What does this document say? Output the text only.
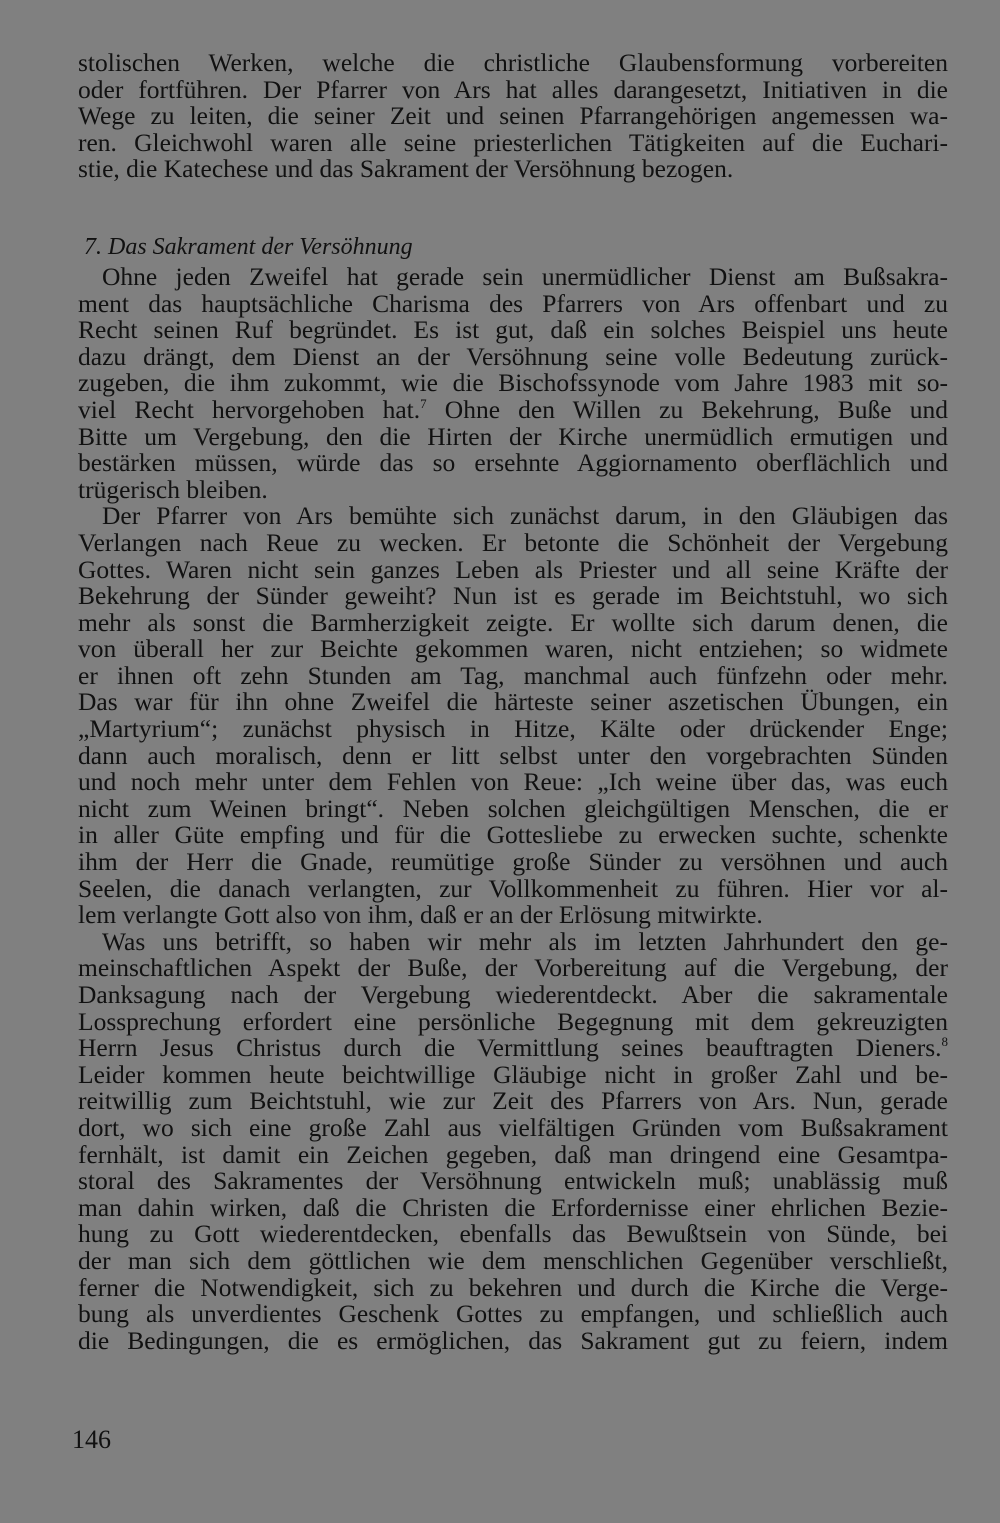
stolischen Werken, welche die christliche Glaubensformung vorbereiten
oder fortführen. Der Pfarrer von Ars hat alles darangesetzt, Initiativen in die
Wege zu leiten, die seiner Zeit und seinen Pfarrangehörigen angemessen wa-
ren. Gleichwohl waren alle seine priesterlichen Tätigkeiten auf die Euchari-
stie, die Katechese und das Sakrament der Versöhnung bezogen.
7. Das Sakrament der Versöhnung
Ohne jeden Zweifel hat gerade sein unermüdlicher Dienst am Bußsakra-
ment das hauptsächliche Charisma des Pfarrers von Ars offenbart und zu
Recht seinen Ruf begründet. Es ist gut, daß ein solches Beispiel uns heute
dazu drängt, dem Dienst an der Versöhnung seine volle Bedeutung zurück-
zugeben, die ihm zukommt, wie die Bischofssynode vom Jahre 1983 mit so-
viel Recht hervorgehoben hat.$^7$ Ohne den Willen zu Bekehrung, Buße und
Bitte um Vergebung, den die Hirten der Kirche unermüdlich ermutigen und
bestärken müssen, würde das so ersehnte Aggiornamento oberflächlich und
trügerisch bleiben.
Der Pfarrer von Ars bemühte sich zunächst darum, in den Gläubigen das
Verlangen nach Reue zu wecken. Er betonte die Schönheit der Vergebung
Gottes. Waren nicht sein ganzes Leben als Priester und all seine Kräfte der
Bekehrung der Sünder geweiht? Nun ist es gerade im Beichtstuhl, wo sich
mehr als sonst die Barmherzigkeit zeigte. Er wollte sich darum denen, die
von überall her zur Beichte gekommen waren, nicht entziehen; so widmete
er ihnen oft zehn Stunden am Tag, manchmal auch fünfzehn oder mehr.
Das war für ihn ohne Zweifel die härteste seiner aszetischen Übungen, ein
„Martyrium“; zunächst physisch in Hitze, Kälte oder drückender Enge;
dann auch moralisch, denn er litt selbst unter den vorgebrachten Sünden
und noch mehr unter dem Fehlen von Reue: „Ich weine über das, was euch
nicht zum Weinen bringt“. Neben solchen gleichgültigen Menschen, die er
in aller Güte empfing und für die Gottesliebe zu erwecken suchte, schenkte
ihm der Herr die Gnade, reumütige große Sünder zu versöhnen und auch
Seelen, die danach verlangten, zur Vollkommenheit zu führen. Hier vor al-
lem verlangte Gott also von ihm, daß er an der Erlösung mitwirkte.
Was uns betrifft, so haben wir mehr als im letzten Jahrhundert den ge-
meinschaftlichen Aspekt der Buße, der Vorbereitung auf die Vergebung, der
Danksagung nach der Vergebung wiederentdeckt. Aber die sakramentale
Lossprechung erfordert eine persönliche Begegnung mit dem gekreuzigten
Herrn Jesus Christus durch die Vermittlung seines beauftragten Dieners.$^8$
Leider kommen heute beichtwillige Gläubige nicht in großer Zahl und be-
reitwillig zum Beichtstuhl, wie zur Zeit des Pfarrers von Ars. Nun, gerade
dort, wo sich eine große Zahl aus vielfältigen Gründen vom Bußsakrament
fernhält, ist damit ein Zeichen gegeben, daß man dringend eine Gesamtpa-
storal des Sakramentes der Versöhnung entwickeln muß; unablässig muß
man dahin wirken, daß die Christen die Erfordernisse einer ehrlichen Bezie-
hung zu Gott wiederentdecken, ebenfalls das Bewußtsein von Sünde, bei
der man sich dem göttlichen wie dem menschlichen Gegenüber verschließt,
ferner die Notwendigkeit, sich zu bekehren und durch die Kirche die Verge-
bung als unverdientes Geschenk Gottes zu empfangen, und schließlich auch
die Bedingungen, die es ermöglichen, das Sakrament gut zu feiern, indem
146
